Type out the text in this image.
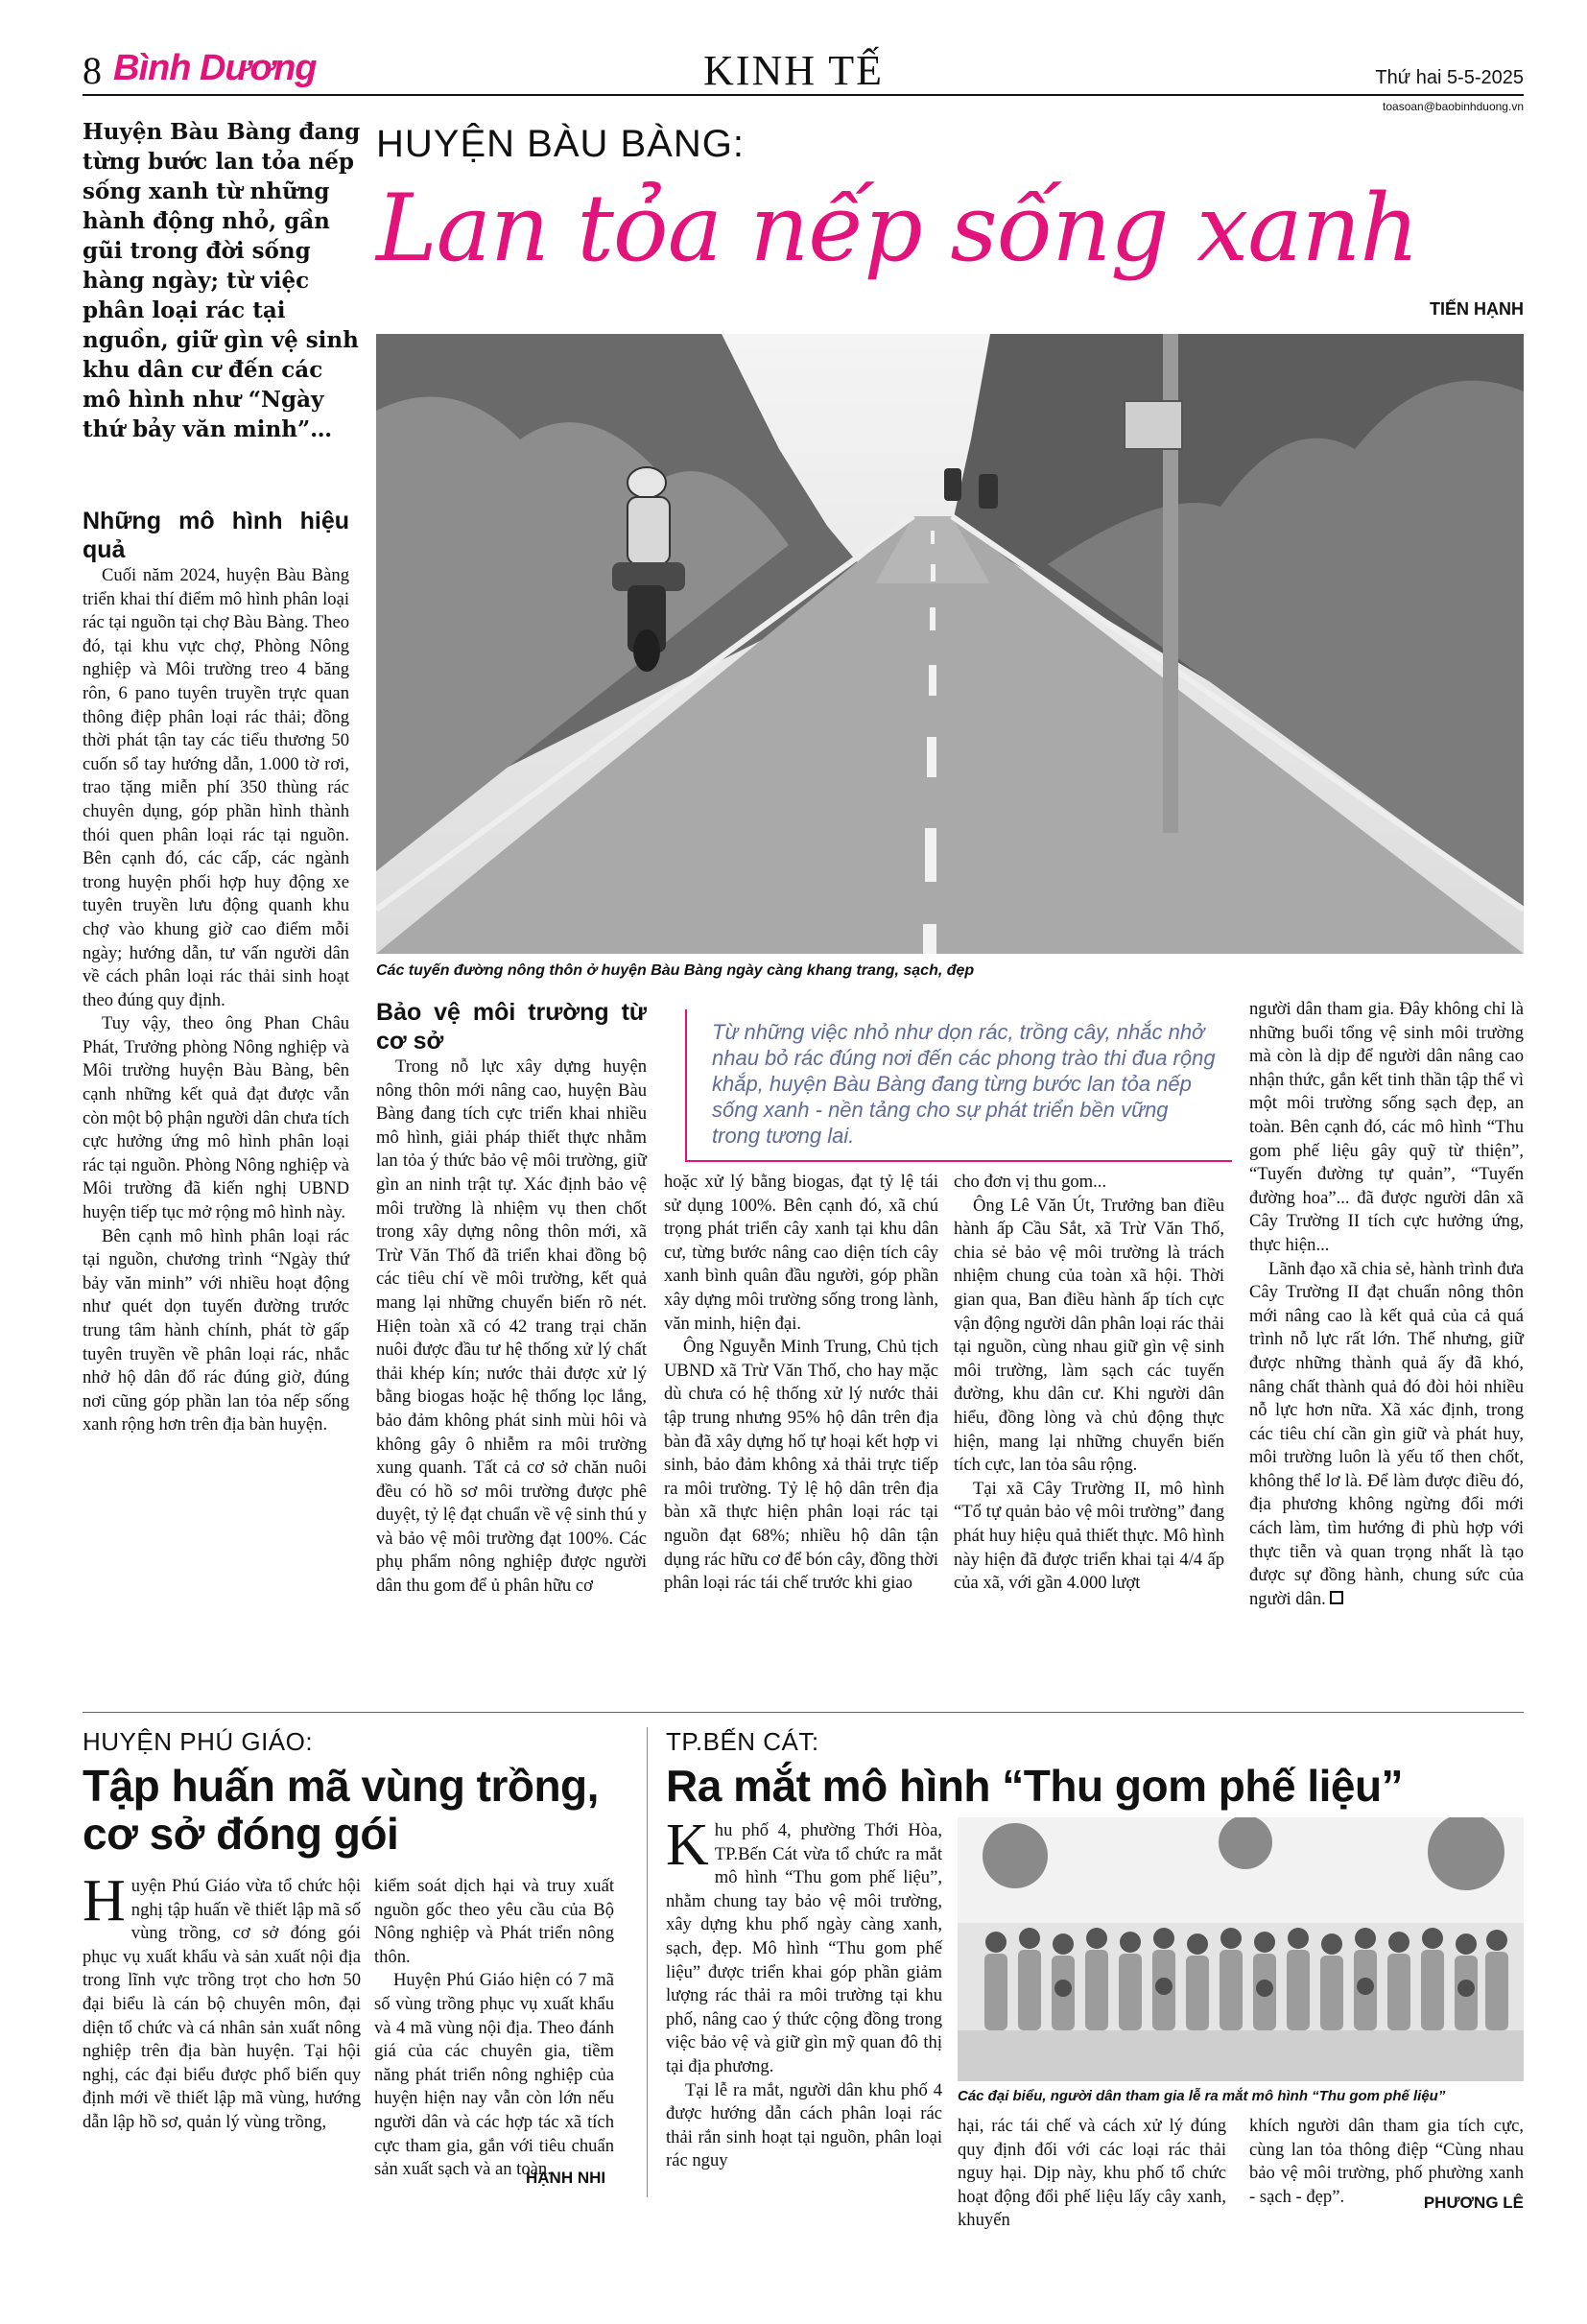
8 Bình Dương	KINH TẾ	Thứ hai 5-5-2025
toasoan@baobinhduong.vn
Huyện Bàu Bàng đang từng bước lan tỏa nếp sống xanh từ những hành động nhỏ, gần gũi trong đời sống hàng ngày; từ việc phân loại rác tại nguồn, giữ gìn vệ sinh khu dân cư đến các mô hình như “Ngày thứ bảy văn minh”…
HUYỆN BÀU BÀNG:
Lan tỏa nếp sống xanh
TIẾN HẠNH
Các tuyến đường nông thôn ở huyện Bàu Bàng ngày càng khang trang, sạch, đẹp
Những mô hình hiệu quả

Cuối năm 2024, huyện Bàu Bàng triển khai thí điểm mô hình phân loại rác tại nguồn tại chợ Bàu Bàng. Theo đó, tại khu vực chợ, Phòng Nông nghiệp và Môi trường treo 4 băng rôn, 6 pano tuyên truyền trực quan thông điệp phân loại rác thải; đồng thời phát tận tay các tiểu thương 50 cuốn sổ tay hướng dẫn, 1.000 tờ rơi, trao tặng miễn phí 350 thùng rác chuyên dụng, góp phần hình thành thói quen phân loại rác tại nguồn. Bên cạnh đó, các cấp, các ngành trong huyện phối hợp huy động xe tuyên truyền lưu động quanh khu chợ vào khung giờ cao điểm mỗi ngày; hướng dẫn, tư vấn người dân về cách phân loại rác thải sinh hoạt theo đúng quy định.

Tuy vậy, theo ông Phan Châu Phát, Trưởng phòng Nông nghiệp và Môi trường huyện Bàu Bàng, bên cạnh những kết quả đạt được vẫn còn một bộ phận người dân chưa tích cực hưởng ứng mô hình phân loại rác tại nguồn. Phòng Nông nghiệp và Môi trường đã kiến nghị UBND huyện tiếp tục mở rộng mô hình này.

Bên cạnh mô hình phân loại rác tại nguồn, chương trình “Ngày thứ bảy văn minh” với nhiều hoạt động như quét dọn tuyến đường trước trung tâm hành chính, phát tờ gấp tuyên truyền về phân loại rác, nhắc nhở hộ dân đổ rác đúng giờ, đúng nơi cũng góp phần lan tỏa nếp sống xanh rộng hơn trên địa bàn huyện.

Bảo vệ môi trường từ cơ sở

Trong nỗ lực xây dựng huyện nông thôn mới nâng cao, huyện Bàu Bàng đang tích cực triển khai nhiều mô hình, giải pháp thiết thực nhằm lan tỏa ý thức bảo vệ môi trường, giữ gìn an ninh trật tự. Xác định bảo vệ môi trường là nhiệm vụ then chốt trong xây dựng nông thôn mới, xã Trừ Văn Thố đã triển khai đồng bộ các tiêu chí về môi trường, kết quả mang lại những chuyển biến rõ nét. Hiện toàn xã có 42 trang trại chăn nuôi được đầu tư hệ thống xử lý chất thải khép kín; nước thải được xử lý bằng biogas hoặc hệ thống lọc lắng, bảo đảm không phát sinh mùi hôi và không gây ô nhiễm ra môi trường xung quanh. Tất cả cơ sở chăn nuôi đều có hồ sơ môi trường được phê duyệt, tỷ lệ đạt chuẩn về vệ sinh thú y và bảo vệ môi trường đạt 100%. Các phụ phẩm nông nghiệp được người dân thu gom để ủ phân hữu cơ

Từ những việc nhỏ như dọn rác, trồng cây, nhắc nhở nhau bỏ rác đúng nơi đến các phong trào thi đua rộng khắp, huyện Bàu Bàng đang từng bước lan tỏa nếp sống xanh - nền tảng cho sự phát triển bền vững trong tương lai.

hoặc xử lý bằng biogas, đạt tỷ lệ tái sử dụng 100%. Bên cạnh đó, xã chú trọng phát triển cây xanh tại khu dân cư, từng bước nâng cao diện tích cây xanh bình quân đầu người, góp phần xây dựng môi trường sống trong lành, văn minh, hiện đại.

Ông Nguyễn Minh Trung, Chủ tịch UBND xã Trừ Văn Thố, cho hay mặc dù chưa có hệ thống xử lý nước thải tập trung nhưng 95% hộ dân trên địa bàn đã xây dựng hố tự hoại kết hợp vi sinh, bảo đảm không xả thải trực tiếp ra môi trường. Tỷ lệ hộ dân trên địa bàn xã thực hiện phân loại rác tại nguồn đạt 68%; nhiều hộ dân tận dụng rác hữu cơ để bón cây, đồng thời phân loại rác tái chế trước khi giao

cho đơn vị thu gom...

Ông Lê Văn Út, Trưởng ban điều hành ấp Cầu Sắt, xã Trừ Văn Thố, chia sẻ bảo vệ môi trường là trách nhiệm chung của toàn xã hội. Thời gian qua, Ban điều hành ấp tích cực vận động người dân phân loại rác thải tại nguồn, cùng nhau giữ gìn vệ sinh môi trường, làm sạch các tuyến đường, khu dân cư. Khi người dân hiểu, đồng lòng và chủ động thực hiện, mang lại những chuyển biến tích cực, lan tỏa sâu rộng.

Tại xã Cây Trường II, mô hình “Tổ tự quản bảo vệ môi trường” đang phát huy hiệu quả thiết thực. Mô hình này hiện đã được triển khai tại 4/4 ấp của xã, với gần 4.000 lượt

người dân tham gia. Đây không chỉ là những buổi tổng vệ sinh môi trường mà còn là dịp để người dân nâng cao nhận thức, gắn kết tinh thần tập thể vì một môi trường sống sạch đẹp, an toàn. Bên cạnh đó, các mô hình “Thu gom phế liệu gây quỹ từ thiện”, “Tuyến đường tự quản”, “Tuyến đường hoa”... đã được người dân xã Cây Trường II tích cực hưởng ứng, thực hiện...

Lãnh đạo xã chia sẻ, hành trình đưa Cây Trường II đạt chuẩn nông thôn mới nâng cao là kết quả của cả quá trình nỗ lực rất lớn. Thế nhưng, giữ được những thành quả ấy đã khó, nâng chất thành quả đó đòi hỏi nhiều nỗ lực hơn nữa. Xã xác định, trong các tiêu chí cần gìn giữ và phát huy, môi trường luôn là yếu tố then chốt, không thể lơ là. Để làm được điều đó, địa phương không ngừng đổi mới cách làm, tìm hướng đi phù hợp với thực tiễn và quan trọng nhất là tạo được sự đồng hành, chung sức của người dân.

HUYỆN PHÚ GIÁO:
Tập huấn mã vùng trồng,
cơ sở đóng gói
Huyện Phú Giáo vừa tổ chức hội nghị tập huấn về thiết lập mã số vùng trồng, cơ sở đóng gói phục vụ xuất khẩu và sản xuất nội địa trong lĩnh vực trồng trọt cho hơn 50 đại biểu là cán bộ chuyên môn, đại diện tổ chức và cá nhân sản xuất nông nghiệp trên địa bàn huyện. Tại hội nghị, các đại biểu được phổ biến quy định mới về thiết lập mã vùng, hướng dẫn lập hồ sơ, quản lý vùng trồng,

kiểm soát dịch hại và truy xuất nguồn gốc theo yêu cầu của Bộ Nông nghiệp và Phát triển nông thôn.

Huyện Phú Giáo hiện có 7 mã số vùng trồng phục vụ xuất khẩu và 4 mã vùng nội địa. Theo đánh giá của các chuyên gia, tiềm năng phát triển nông nghiệp của huyện hiện nay vẫn còn lớn nếu người dân và các hợp tác xã tích cực tham gia, gắn với tiêu chuẩn sản xuất sạch và an toàn.

HẠNH NHI
TP.BẾN CÁT:
Ra mắt mô hình “Thu gom phế liệu”
Khu phố 4, phường Thới Hòa, TP.Bến Cát vừa tổ chức ra mắt mô hình “Thu gom phế liệu”, nhằm chung tay bảo vệ môi trường, xây dựng khu phố ngày càng xanh, sạch, đẹp. Mô hình “Thu gom phế liệu” được triển khai góp phần giảm lượng rác thải ra môi trường tại khu phố, nâng cao ý thức cộng đồng trong việc bảo vệ và giữ gìn mỹ quan đô thị tại địa phương.

Tại lễ ra mắt, người dân khu phố 4 được hướng dẫn cách phân loại rác thải rắn sinh hoạt tại nguồn, phân loại rác nguy

Các đại biểu, người dân tham gia lễ ra mắt mô hình “Thu gom phế liệu”

hại, rác tái chế và cách xử lý đúng quy định đối với các loại rác thải nguy hại. Dịp này, khu phố tổ chức hoạt động đổi phế liệu lấy cây xanh, khuyến

khích người dân tham gia tích cực, cùng lan tỏa thông điệp “Cùng nhau bảo vệ môi trường, phố phường xanh - sạch - đẹp”.	PHƯƠNG LÊ
